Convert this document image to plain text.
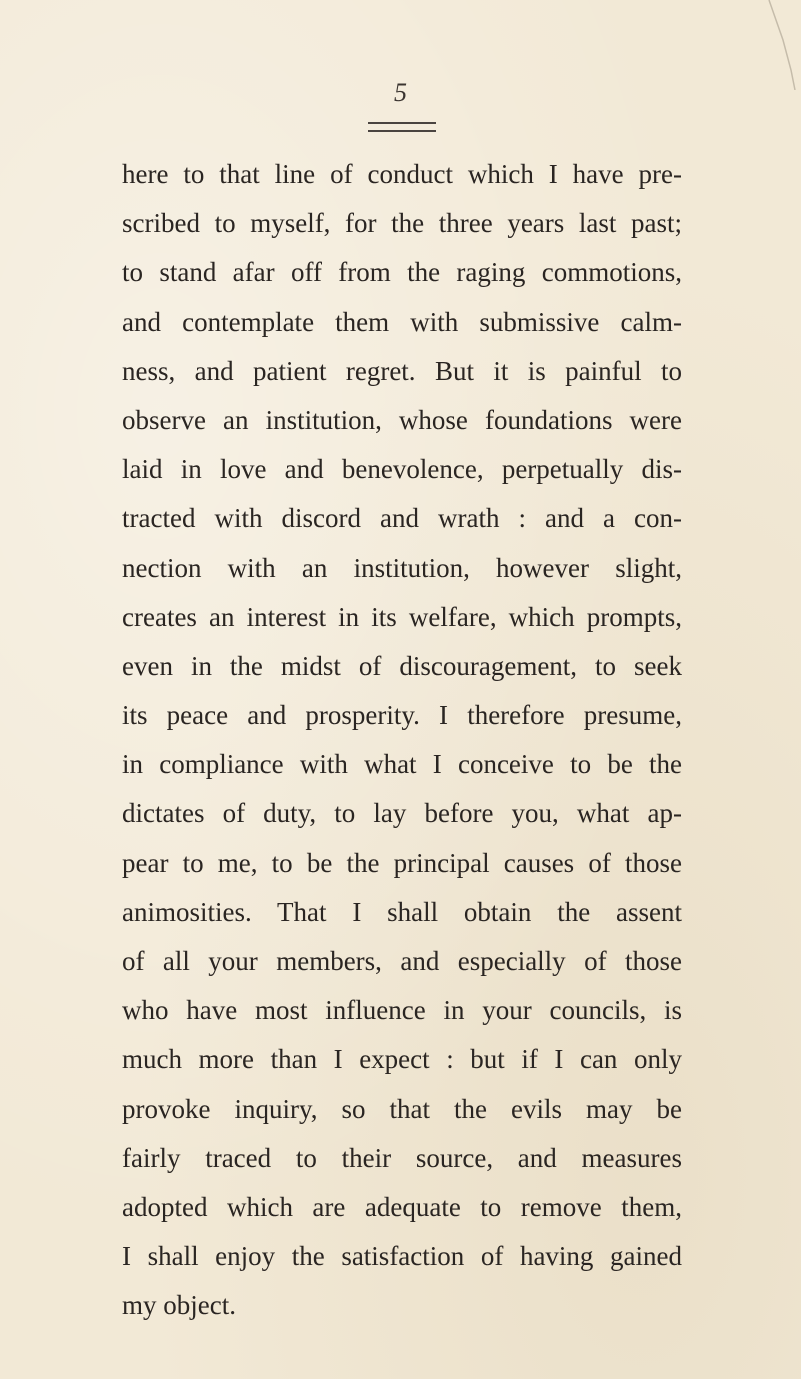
5
here to that line of conduct which I have pre-
scribed to myself, for the three years last past;
to stand afar off from the raging commotions,
and contemplate them with submissive calm-
ness, and patient regret. But it is painful to
observe an institution, whose foundations were
laid in love and benevolence, perpetually dis-
tracted with discord and wrath : and a con-
nection with an institution, however slight,
creates an interest in its welfare, which prompts,
even in the midst of discouragement, to seek
its peace and prosperity. I therefore presume,
in compliance with what I conceive to be the
dictates of duty, to lay before you, what ap-
pear to me, to be the principal causes of those
animosities. That I shall obtain the assent
of all your members, and especially of those
who have most influence in your councils, is
much more than I expect : but if I can only
provoke inquiry, so that the evils may be
fairly traced to their source, and measures
adopted which are adequate to remove them,
I shall enjoy the satisfaction of having gained
my object.
